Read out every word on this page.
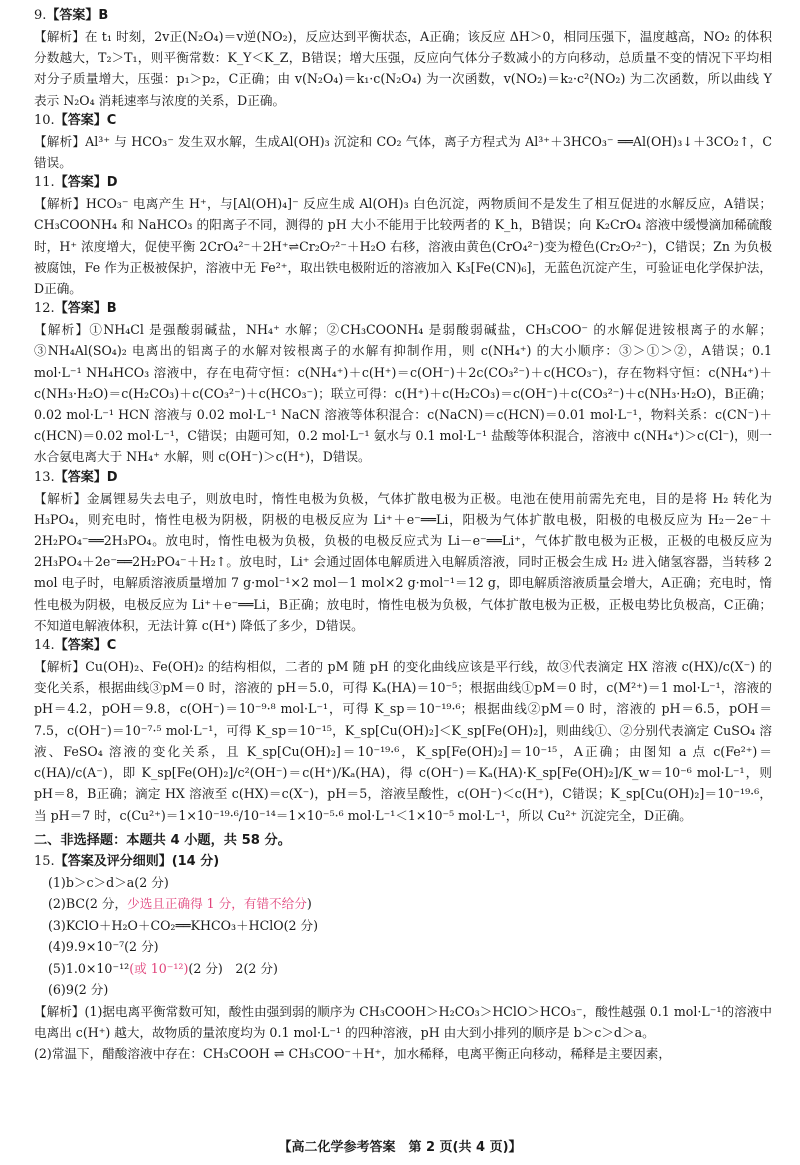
9.【答案】B

【解析】在 t₁ 时刻，2v正(N₂O₄)＝v逆(NO₂)，反应达到平衡状态，A正确；该反应 ΔH＞0，相同压强下，温度越高，NO₂ 的体积分数越大，T₂＞T₁，则平衡常数：K_Y＜K_Z，B错误；增大压强，反应向气体分子数减小的方向移动，总质量不变的情况下平均相对分子质量增大，压强：p₁＞p₂，C正确；由 v(N₂O₄)＝k₁·c(N₂O₄) 为一次函数，v(NO₂)＝k₂·c²(NO₂) 为二次函数，所以曲线 Y 表示 N₂O₄ 消耗速率与浓度的关系，D正确。

10.【答案】C

【解析】Al³⁺ 与 HCO₃⁻ 发生双水解，生成Al(OH)₃ 沉淀和 CO₂ 气体，离子方程式为 Al³⁺＋3HCO₃⁻ ══Al(OH)₃↓＋3CO₂↑，C错误。

11.【答案】D

【解析】HCO₃⁻ 电离产生 H⁺，与[Al(OH)₄]⁻ 反应生成 Al(OH)₃ 白色沉淀，两物质间不是发生了相互促进的水解反应，A错误；CH₃COONH₄ 和 NaHCO₃ 的阳离子不同，测得的 pH 大小不能用于比较两者的 K_h，B错误；向 K₂CrO₄ 溶液中缓慢滴加稀硫酸时，H⁺ 浓度增大，促使平衡 2CrO₄²⁻＋2H⁺⇌Cr₂O₇²⁻＋H₂O 右移，溶液由黄色(CrO₄²⁻)变为橙色(Cr₂O₇²⁻)，C错误；Zn 为负极被腐蚀，Fe 作为正极被保护，溶液中无 Fe²⁺，取出铁电极附近的溶液加入 K₃[Fe(CN)₆]，无蓝色沉淀产生，可验证电化学保护法，D正确。

12.【答案】B

【解析】①NH₄Cl 是强酸弱碱盐，NH₄⁺ 水解；②CH₃COONH₄ 是弱酸弱碱盐，CH₃COO⁻ 的水解促进铵根离子的水解；③NH₄Al(SO₄)₂ 电离出的铝离子的水解对铵根离子的水解有抑制作用，则 c(NH₄⁺) 的大小顺序：③＞①＞②，A错误；0.1 mol·L⁻¹ NH₄HCO₃ 溶液中，存在电荷守恒：c(NH₄⁺)＋c(H⁺)＝c(OH⁻)＋2c(CO₃²⁻)＋c(HCO₃⁻)，存在物料守恒：c(NH₄⁺)＋c(NH₃·H₂O)＝c(H₂CO₃)＋c(CO₃²⁻)＋c(HCO₃⁻)；联立可得：c(H⁺)＋c(H₂CO₃)＝c(OH⁻)＋c(CO₃²⁻)＋c(NH₃·H₂O)，B正确；0.02 mol·L⁻¹ HCN 溶液与 0.02 mol·L⁻¹ NaCN 溶液等体积混合：c(NaCN)＝c(HCN)＝0.01 mol·L⁻¹，物料关系：c(CN⁻)＋c(HCN)＝0.02 mol·L⁻¹，C错误；由题可知，0.2 mol·L⁻¹ 氨水与 0.1 mol·L⁻¹ 盐酸等体积混合，溶液中 c(NH₄⁺)＞c(Cl⁻)，则一水合氨电离大于 NH₄⁺ 水解，则 c(OH⁻)＞c(H⁺)，D错误。

13.【答案】D

【解析】金属锂易失去电子，则放电时，惰性电极为负极，气体扩散电极为正极。电池在使用前需先充电，目的是将 H₂ 转化为 H₃PO₄，则充电时，惰性电极为阴极，阴极的电极反应为 Li⁺＋e⁻══Li，阳极为气体扩散电极，阳极的电极反应为 H₂－2e⁻＋2H₂PO₄⁻══2H₃PO₄。放电时，惰性电极为负极，负极的电极反应式为 Li－e⁻══Li⁺，气体扩散电极为正极，正极的电极反应为 2H₃PO₄＋2e⁻══2H₂PO₄⁻＋H₂↑。放电时，Li⁺ 会通过固体电解质进入电解质溶液，同时正极会生成 H₂ 进入储氢容器，当转移 2 mol 电子时，电解质溶液质量增加 7 g·mol⁻¹×2 mol－1 mol×2 g·mol⁻¹＝12 g，即电解质溶液质量会增大，A正确；充电时，惰性电极为阴极，电极反应为 Li⁺＋e⁻══Li，B正确；放电时，惰性电极为负极，气体扩散电极为正极，正极电势比负极高，C正确；不知道电解液体积，无法计算 c(H⁺) 降低了多少，D错误。

14.【答案】C

【解析】Cu(OH)₂、Fe(OH)₂ 的结构相似，二者的 pM 随 pH 的变化曲线应该是平行线，故③代表滴定 HX 溶液 c(HX)/c(X⁻) 的变化关系，根据曲线③pM＝0 时，溶液的 pH＝5.0，可得 Kₐ(HA)＝10⁻⁵；根据曲线①pM＝0 时，c(M²⁺)＝1 mol·L⁻¹，溶液的 pH＝4.2，pOH＝9.8，c(OH⁻)＝10⁻⁹·⁸ mol·L⁻¹，可得 K_sp＝10⁻¹⁹·⁶；根据曲线②pM＝0 时，溶液的 pH＝6.5，pOH＝7.5，c(OH⁻)＝10⁻⁷·⁵ mol·L⁻¹，可得 K_sp＝10⁻¹⁵，K_sp[Cu(OH)₂]＜K_sp[Fe(OH)₂]，则曲线①、②分别代表滴定 CuSO₄ 溶液、FeSO₄ 溶液的变化关系，且 K_sp[Cu(OH)₂]＝10⁻¹⁹·⁶，K_sp[Fe(OH)₂]＝10⁻¹⁵，A正确；由图知 a 点 c(Fe²⁺)＝c(HA)/c(A⁻)，即 K_sp[Fe(OH)₂]/c²(OH⁻)＝c(H⁺)/Kₐ(HA)，得 c(OH⁻)＝Kₐ(HA)·K_sp[Fe(OH)₂]/K_w＝10⁻⁶ mol·L⁻¹，则 pH＝8，B正确；滴定 HX 溶液至 c(HX)＝c(X⁻)，pH＝5，溶液呈酸性，c(OH⁻)＜c(H⁺)，C错误；K_sp[Cu(OH)₂]＝10⁻¹⁹·⁶，当 pH＝7 时，c(Cu²⁺)＝1×10⁻¹⁹·⁶/10⁻¹⁴＝1×10⁻⁵·⁶ mol·L⁻¹＜1×10⁻⁵ mol·L⁻¹，所以 Cu²⁺ 沉淀完全，D正确。

二、非选择题：本题共 4 小题，共 58 分。

15.【答案及评分细则】(14 分)

(1)b＞c＞d＞a(2 分)

(2)BC(2 分，少选且正确得 1 分，有错不给分)

(3)KClO＋H₂O＋CO₂══KHCO₃＋HClO(2 分)

(4)9.9×10⁻⁷(2 分)

(5)1.0×10⁻¹²(或 10⁻¹²)(2 分)　2(2 分)

(6)9(2 分)

【解析】(1)据电离平衡常数可知，酸性由强到弱的顺序为 CH₃COOH＞H₂CO₃＞HClO＞HCO₃⁻，酸性越强 0.1 mol·L⁻¹的溶液中电离出 c(H⁺) 越大，故物质的量浓度均为 0.1 mol·L⁻¹ 的四种溶液，pH 由大到小排列的顺序是 b＞c＞d＞a。

(2)常温下，醋酸溶液中存在：CH₃COOH ⇌ CH₃COO⁻＋H⁺，加水稀释，电离平衡正向移动，稀释是主要因素，

【高二化学参考答案　第 2 页(共 4 页)】
